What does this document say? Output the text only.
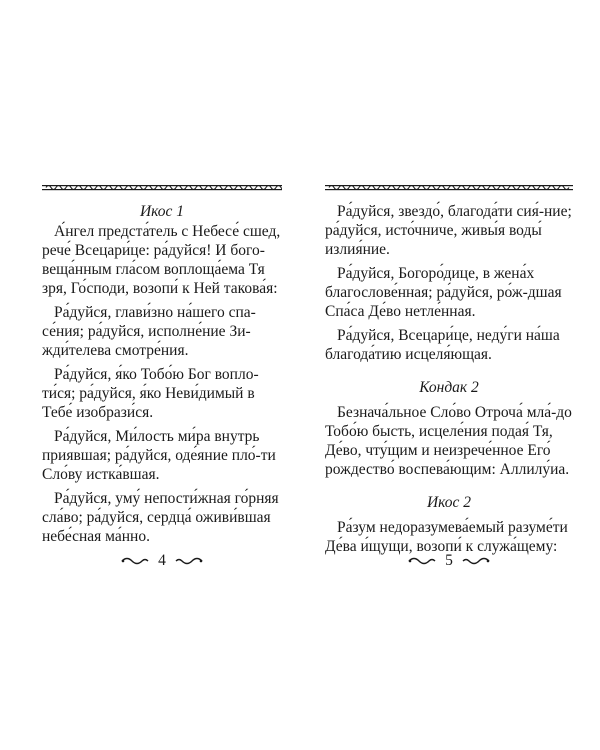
Икос 1

А́нгел предста́тель с Небесе́ сшед, рече́ Всецари́це: ра́дуйся! И бого-веща́нным гла́сом воплоща́ема Тя зря, Го́споди, возопи́ к Ней такова́я:

Ра́дуйся, глави́зно на́шего спа-се́ния; ра́дуйся, исполне́ние Зи-жди́телева смотре́ния.

Ра́дуйся, я́ко Тобо́ю Бог вопло-ти́ся; ра́дуйся, я́ко Неви́димый в Тебе́ изобрази́ся.

Ра́дуйся, Ми́лость ми́ра внутрь приявшая; ра́дуйся, оде́яние пло́-ти Сло́ву истка́вшая.

Ра́дуйся, уму́ непости́жная го́рняя сла́во; ра́дуйся, сердца́ оживи́вшая небе́сная ма́нно.

4

Ра́дуйся, звездо́, благода́ти сия́-ние; ра́дуйся, исто́чниче, живы́я воды́ излия́ние.

Ра́дуйся, Богоро́дице, в жена́х благослове́нная; ра́дуйся, ро́ж-дшая Спа́са Де́во нетле́нная.

Ра́дуйся, Всецари́це, неду́ги на́ша благода́тию исцеля́ющая.

Кондак 2

Безнача́льное Сло́во Отроча́ мла́-до Тобо́ю бысть, исцеле́ния подая́ Тя, Де́во, чту́щим и неизрече́нное Его́ рождество́ воспева́ющим: Аллилу́иа.

Икос 2

Ра́зум недоразумева́емый разуме́ти Де́ва и́щущи, возопи́ к служа́щему:

5
